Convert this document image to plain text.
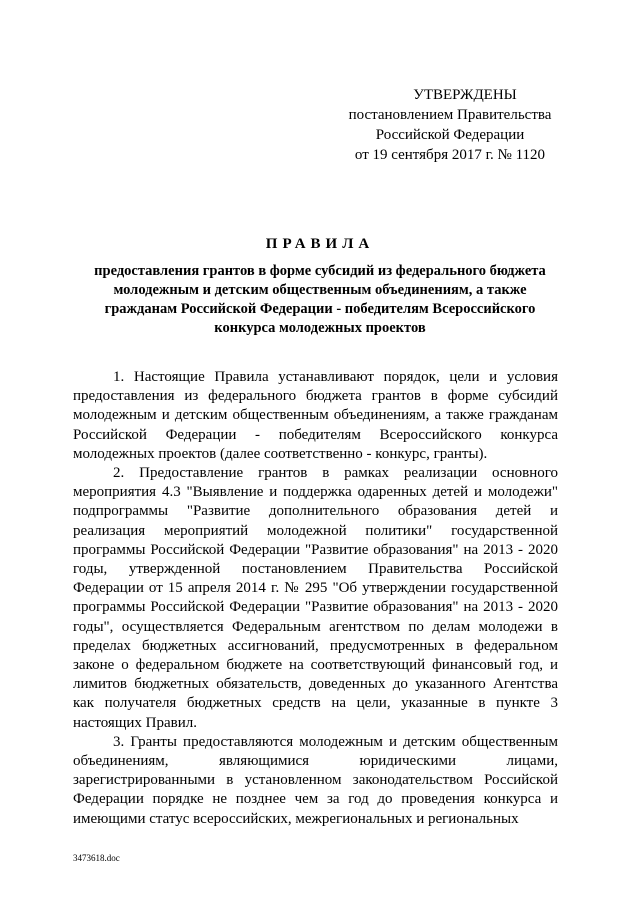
УТВЕРЖДЕНЫ
постановлением Правительства
Российской Федерации
от 19 сентября 2017 г. № 1120
ПРАВИЛА
предоставления грантов в форме субсидий из федерального бюджета
молодежным и детским общественным объединениям, а также
гражданам Российской Федерации - победителям Всероссийского
конкурса молодежных проектов

1. Настоящие Правила устанавливают порядок, цели и условия предоставления из федерального бюджета грантов в форме субсидий молодежным и детским общественным объединениям, а также гражданам Российской Федерации - победителям Всероссийского конкурса молодежных проектов (далее соответственно - конкурс, гранты).

2. Предоставление грантов в рамках реализации основного мероприятия 4.3 "Выявление и поддержка одаренных детей и молодежи" подпрограммы "Развитие дополнительного образования детей и реализация мероприятий молодежной политики" государственной программы Российской Федерации "Развитие образования" на 2013 - 2020 годы, утвержденной постановлением Правительства Российской Федерации от 15 апреля 2014 г. № 295 "Об утверждении государственной программы Российской Федерации "Развитие образования" на 2013 - 2020 годы", осуществляется Федеральным агентством по делам молодежи в пределах бюджетных ассигнований, предусмотренных в федеральном законе о федеральном бюджете на соответствующий финансовый год, и лимитов бюджетных обязательств, доведенных до указанного Агентства как получателя бюджетных средств на цели, указанные в пункте 3 настоящих Правил.

3. Гранты предоставляются молодежным и детским общественным объединениям, являющимися юридическими лицами, зарегистрированными в установленном законодательством Российской Федерации порядке не позднее чем за год до проведения конкурса и имеющими статус всероссийских, межрегиональных и региональных

3473618.doc
